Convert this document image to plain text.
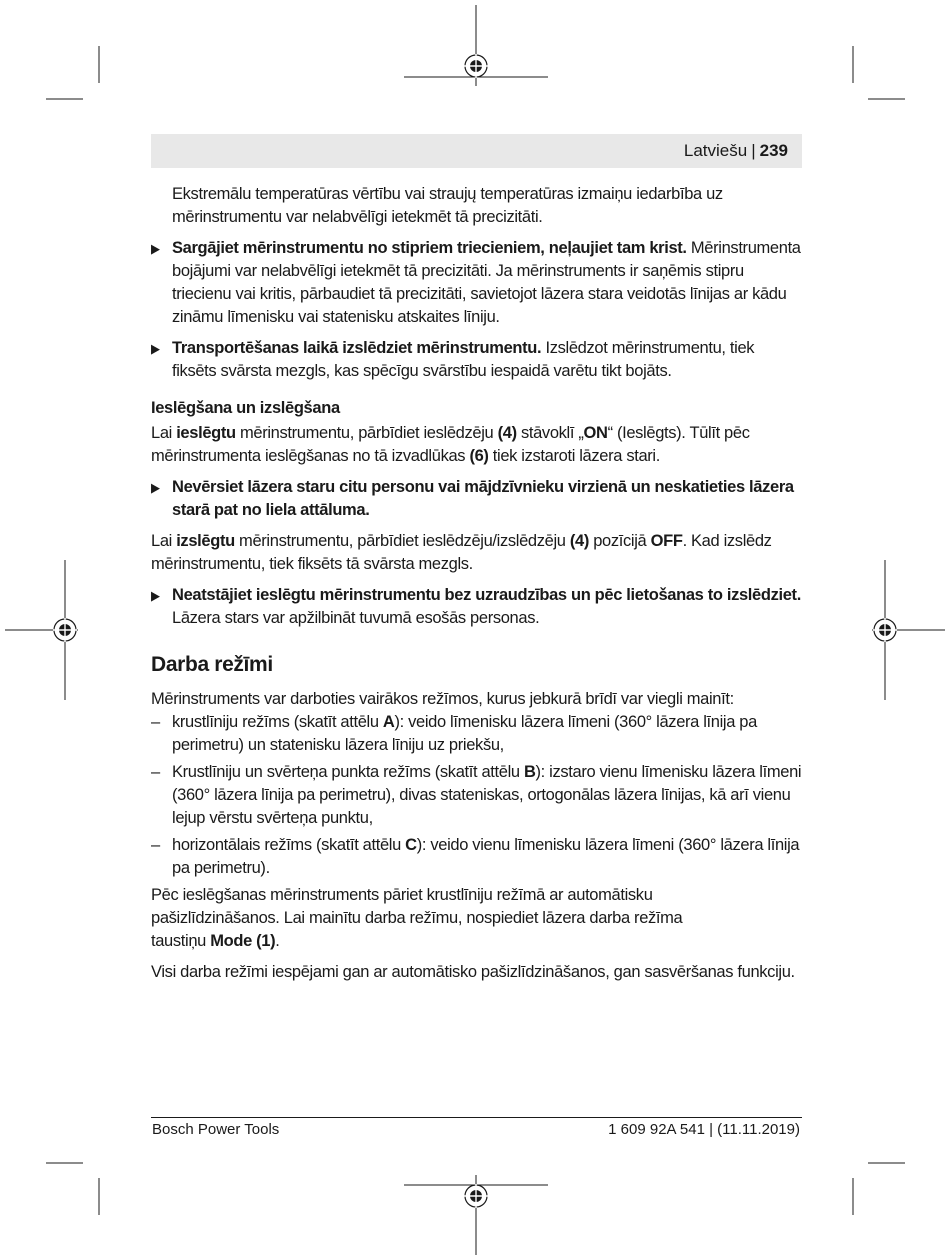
Latviešu | 239

Ekstremālu temperatūras vērtību vai straujų temperatūras izmaiņu iedarbība uz mērinstrumentu var nelabvēlīgi ietekmēt tā precizitāti.

▶ Sargājiet mērinstrumentu no stipriem triecieniem, neļaujiet tam krist. Mērinstrumenta bojājumi var nelabvēlīgi ietekmēt tā precizitāti. Ja mērinstruments ir saņēmis stipru triecienu vai kritis, pārbaudiet tā precizitāti, savietojot lāzera stara veidotās līnijas ar kādu zināmu līmenisku vai statenisku atskaites līniju.
▶ Transportēšanas laikā izslēdziet mērinstrumentu. Izslēdzot mērinstrumentu, tiek fiksēts svārsta mezgls, kas spēcīgu svārstību iespaidā varētu tikt bojāts.
Ieslēgšana un izslēgšana

Lai ieslēgtu mērinstrumentu, pārbīdiet ieslēdzēju (4) stāvoklī „ON“ (Ieslēgts). Tūlīt pēc mērinstrumenta ieslēgšanas no tā izvadlūkas (6) tiek izstaroti lāzera stari.

▶ Nevērsiet lāzera staru citu personu vai mājdzīvnieku virzienā un neskatieties lāzera starā pat no liela attāluma.

Lai izslēgtu mērinstrumentu, pārbīdiet ieslēdzēju/izslēdzēju (4) pozīcijā OFF. Kad izslēdz mērinstrumentu, tiek fiksēts tā svārsta mezgls.

▶ Neatstājiet ieslēgtu mērinstrumentu bez uzraudzības un pēc lietošanas to izslēdziet. Lāzera stars var apžilbināt tuvumā esošās personas.
Darba režīmi

Mērinstruments var darboties vairākos režīmos, kurus jebkurā brīdī var viegli mainīt:

– krustlīniju režīms (skatīt attēlu A): veido līmenisku lāzera līmeni (360° lāzera līnija pa perimetru) un statenisku lāzera līniju uz priekšu,
– Krustlīniju un svērteņa punkta režīms (skatīt attēlu B): izstaro vienu līmenisku lāzera līmeni (360° lāzera līnija pa perimetru), divas stateniskas, ortogonālas lāzera līnijas, kā arī vienu lejup vērstu svērteņa punktu,
– horizontālais režīms (skatīt attēlu C): veido vienu līmenisku lāzera līmeni (360° lāzera līnija pa perimetru).

Pēc ieslēgšanas mērinstruments pāriet krustlīniju režīmā ar automātisku pašizlīdzināšanos. Lai mainītu darba režīmu, nospiediet lāzera darba režīma taustiņu Mode (1).

Visi darba režīmi iespējami gan ar automātisko pašizlīdzināšanos, gan sasvēršanas funkciju.

Bosch Power Tools	1 609 92A 541 | (11.11.2019)
